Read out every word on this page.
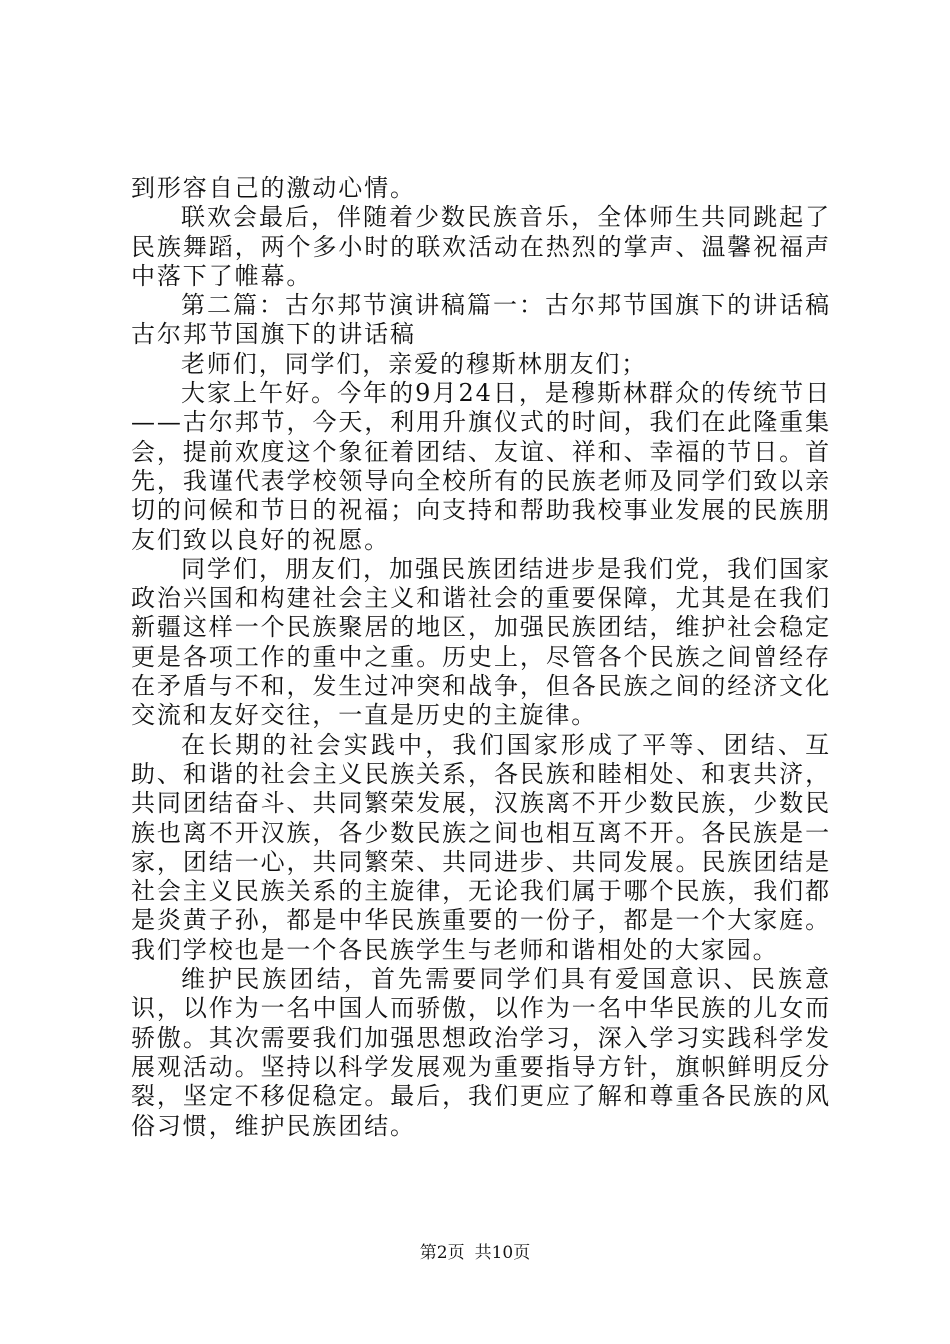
到形容自己的激动心情。

联欢会最后，伴随着少数民族音乐，全体师生共同跳起了民族舞蹈，两个多小时的联欢活动在热烈的掌声、温馨祝福声中落下了帷幕。

第二篇：古尔邦节演讲稿篇一：古尔邦节国旗下的讲话稿古尔邦节国旗下的讲话稿

老师们，同学们，亲爱的穆斯林朋友们；

大家上午好。今年的9月24日，是穆斯林群众的传统节日——古尔邦节，今天，利用升旗仪式的时间，我们在此隆重集会，提前欢度这个象征着团结、友谊、祥和、幸福的节日。首先，我谨代表学校领导向全校所有的民族老师及同学们致以亲切的问候和节日的祝福；向支持和帮助我校事业发展的民族朋友们致以良好的祝愿。

同学们，朋友们，加强民族团结进步是我们党，我们国家政治兴国和构建社会主义和谐社会的重要保障，尤其是在我们新疆这样一个民族聚居的地区，加强民族团结，维护社会稳定更是各项工作的重中之重。历史上，尽管各个民族之间曾经存在矛盾与不和，发生过冲突和战争，但各民族之间的经济文化交流和友好交往，一直是历史的主旋律。

在长期的社会实践中，我们国家形成了平等、团结、互助、和谐的社会主义民族关系，各民族和睦相处、和衷共济，共同团结奋斗、共同繁荣发展，汉族离不开少数民族，少数民族也离不开汉族，各少数民族之间也相互离不开。各民族是一家，团结一心，共同繁荣、共同进步、共同发展。民族团结是社会主义民族关系的主旋律，无论我们属于哪个民族，我们都是炎黄子孙，都是中华民族重要的一份子，都是一个大家庭。我们学校也是一个各民族学生与老师和谐相处的大家园。

维护民族团结，首先需要同学们具有爱国意识、民族意识，以作为一名中国人而骄傲，以作为一名中华民族的儿女而骄傲。其次需要我们加强思想政治学习，深入学习实践科学发展观活动。坚持以科学发展观为重要指导方针，旗帜鲜明反分裂，坚定不移促稳定。最后，我们更应了解和尊重各民族的风俗习惯，维护民族团结。

第2页 共10页
